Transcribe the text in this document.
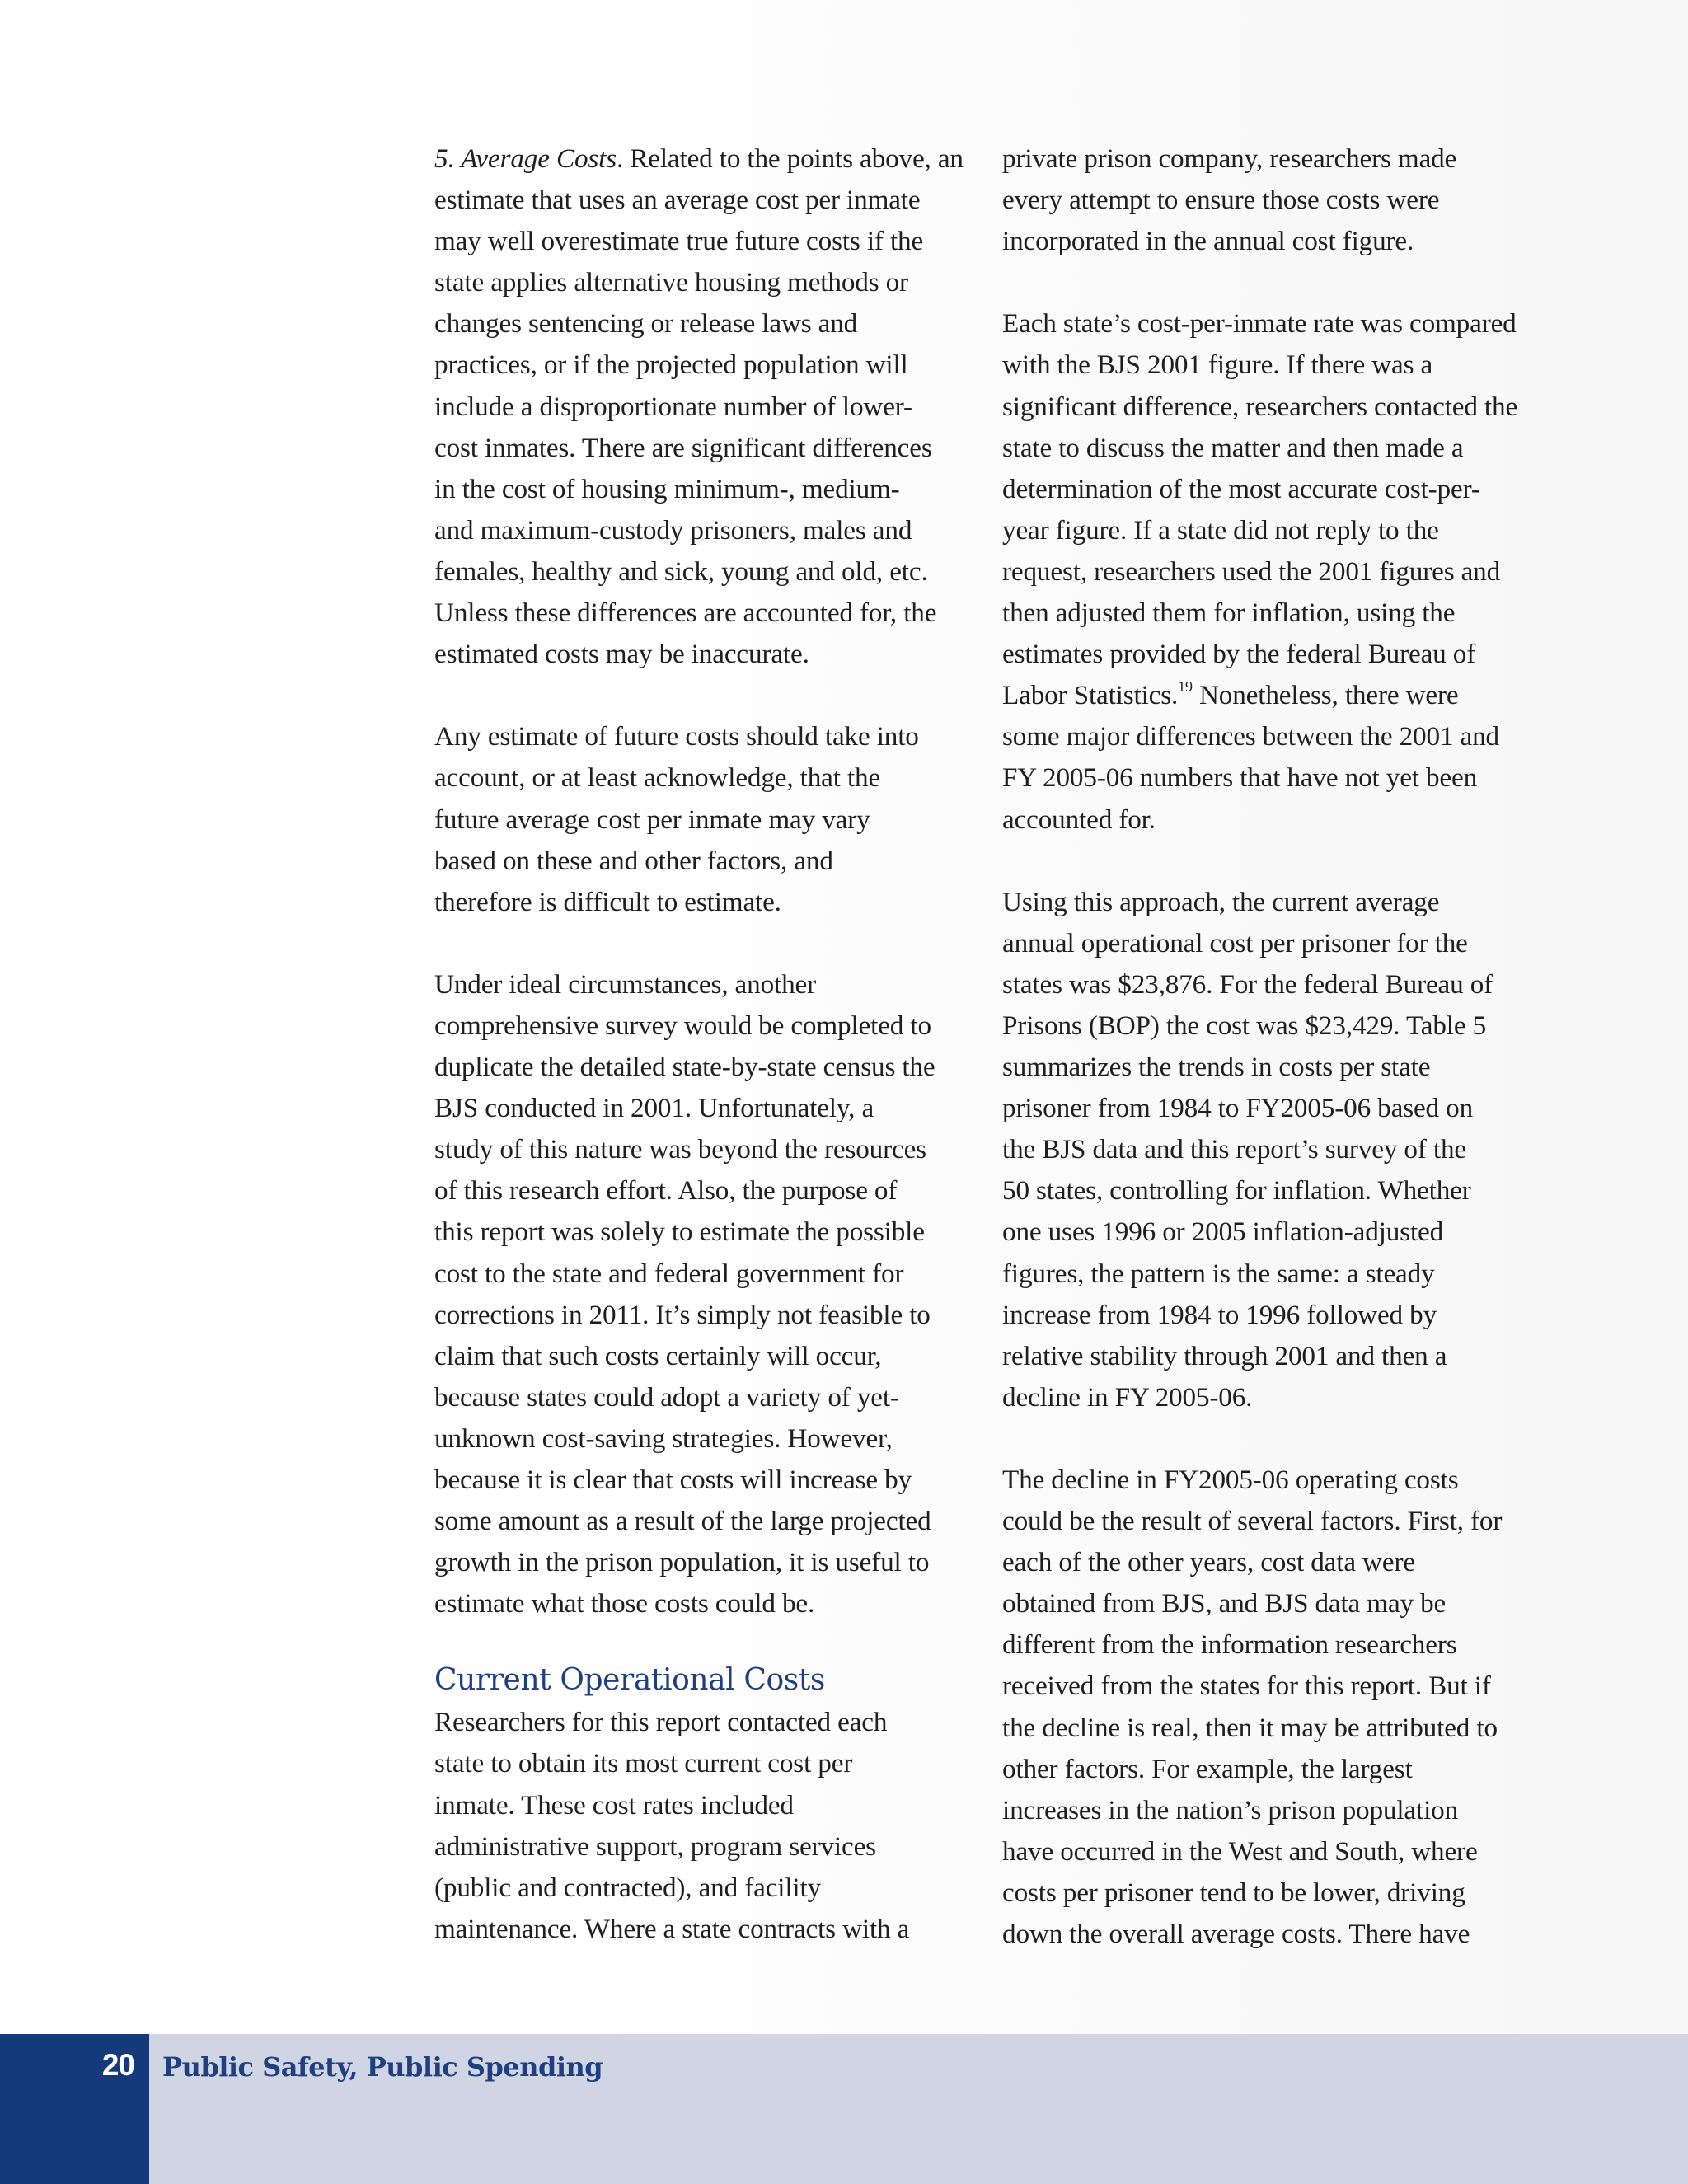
5. Average Costs. Related to the points above, an
estimate that uses an average cost per inmate
may well overestimate true future costs if the
state applies alternative housing methods or
changes sentencing or release laws and
practices, or if the projected population will
include a disproportionate number of lower-
cost inmates. There are significant differences
in the cost of housing minimum-, medium-
and maximum-custody prisoners, males and
females, healthy and sick, young and old, etc.
Unless these differences are accounted for, the
estimated costs may be inaccurate.
Any estimate of future costs should take into
account, or at least acknowledge, that the
future average cost per inmate may vary
based on these and other factors, and
therefore is difficult to estimate.
Under ideal circumstances, another
comprehensive survey would be completed to
duplicate the detailed state-by-state census the
BJS conducted in 2001. Unfortunately, a
study of this nature was beyond the resources
of this research effort. Also, the purpose of
this report was solely to estimate the possible
cost to the state and federal government for
corrections in 2011. It’s simply not feasible to
claim that such costs certainly will occur,
because states could adopt a variety of yet-
unknown cost-saving strategies. However,
because it is clear that costs will increase by
some amount as a result of the large projected
growth in the prison population, it is useful to
estimate what those costs could be.
Current Operational Costs
Researchers for this report contacted each
state to obtain its most current cost per
inmate. These cost rates included
administrative support, program services
(public and contracted), and facility
maintenance. Where a state contracts with a
private prison company, researchers made
every attempt to ensure those costs were
incorporated in the annual cost figure.
Each state’s cost-per-inmate rate was compared
with the BJS 2001 figure. If there was a
significant difference, researchers contacted the
state to discuss the matter and then made a
determination of the most accurate cost-per-
year figure. If a state did not reply to the
request, researchers used the 2001 figures and
then adjusted them for inflation, using the
estimates provided by the federal Bureau of
Labor Statistics.$^{19}$ Nonetheless, there were
some major differences between the 2001 and
FY 2005-06 numbers that have not yet been
accounted for.
Using this approach, the current average
annual operational cost per prisoner for the
states was $23,876. For the federal Bureau of
Prisons (BOP) the cost was $23,429. Table 5
summarizes the trends in costs per state
prisoner from 1984 to FY2005-06 based on
the BJS data and this report’s survey of the
50 states, controlling for inflation. Whether
one uses 1996 or 2005 inflation-adjusted
figures, the pattern is the same: a steady
increase from 1984 to 1996 followed by
relative stability through 2001 and then a
decline in FY 2005-06.
The decline in FY2005-06 operating costs
could be the result of several factors. First, for
each of the other years, cost data were
obtained from BJS, and BJS data may be
different from the information researchers
received from the states for this report. But if
the decline is real, then it may be attributed to
other factors. For example, the largest
increases in the nation’s prison population
have occurred in the West and South, where
costs per prisoner tend to be lower, driving
down the overall average costs. There have
20	Public Safety, Public Spending
